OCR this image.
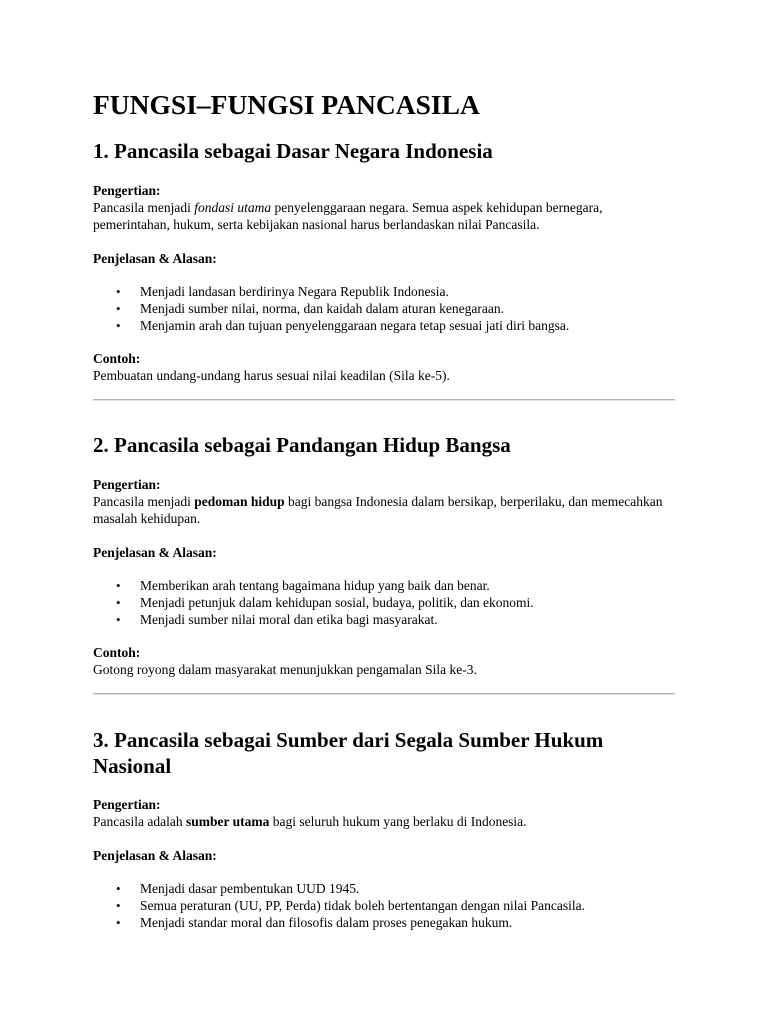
FUNGSI–FUNGSI PANCASILA
1. Pancasila sebagai Dasar Negara Indonesia

Pengertian:

Pancasila menjadi fondasi utama penyelenggaraan negara. Semua aspek kehidupan bernegara, pemerintahan, hukum, serta kebijakan nasional harus berlandaskan nilai Pancasila.

Penjelasan & Alasan:

• Menjadi landasan berdirinya Negara Republik Indonesia.
• Menjadi sumber nilai, norma, dan kaidah dalam aturan kenegaraan.
• Menjamin arah dan tujuan penyelenggaraan negara tetap sesuai jati diri bangsa.

Contoh:

Pembuatan undang-undang harus sesuai nilai keadilan (Sila ke-5).

2. Pancasila sebagai Pandangan Hidup Bangsa

Pengertian:

Pancasila menjadi pedoman hidup bagi bangsa Indonesia dalam bersikap, berperilaku, dan memecahkan masalah kehidupan.

Penjelasan & Alasan:

• Memberikan arah tentang bagaimana hidup yang baik dan benar.
• Menjadi petunjuk dalam kehidupan sosial, budaya, politik, dan ekonomi.
• Menjadi sumber nilai moral dan etika bagi masyarakat.

Contoh:

Gotong royong dalam masyarakat menunjukkan pengamalan Sila ke-3.

3. Pancasila sebagai Sumber dari Segala Sumber Hukum Nasional

Pengertian:

Pancasila adalah sumber utama bagi seluruh hukum yang berlaku di Indonesia.

Penjelasan & Alasan:

• Menjadi dasar pembentukan UUD 1945.
• Semua peraturan (UU, PP, Perda) tidak boleh bertentangan dengan nilai Pancasila.
• Menjadi standar moral dan filosofis dalam proses penegakan hukum.
